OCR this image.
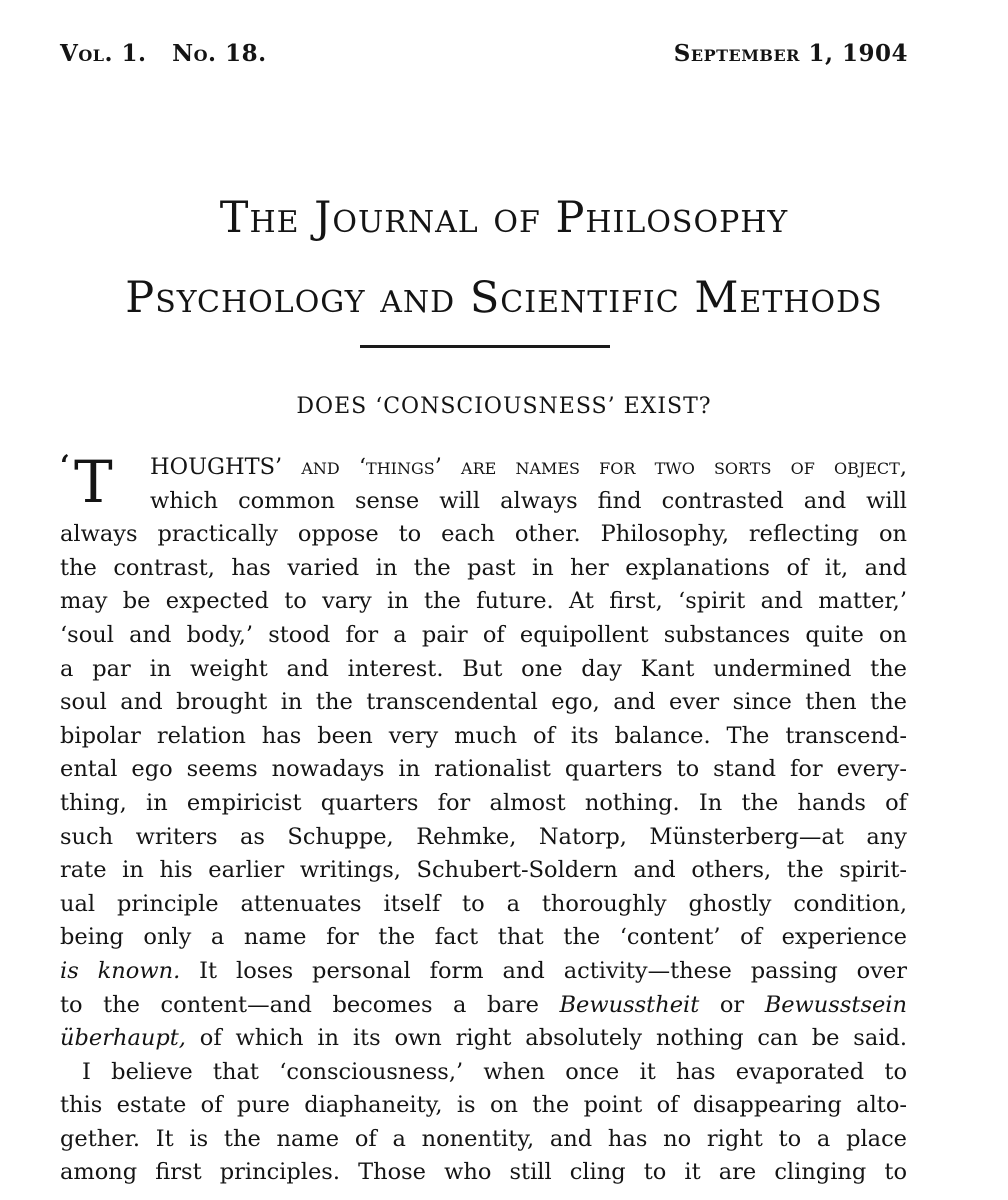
Vol. 1. No. 18.	September 1, 1904
The Journal of Philosophy
Psychology and Scientific Methods
DOES ‘CONSCIOUSNESS’ EXIST?
‘ T	HOUGHTS’ and ‘things’ are names for two sorts of object,
which common sense will always find contrasted and will
always practically oppose to each other. Philosophy, reflecting on
the contrast, has varied in the past in her explanations of it, and
may be expected to vary in the future. At first, ‘spirit and matter,’
‘soul and body,’ stood for a pair of equipollent substances quite on
a par in weight and interest. But one day Kant undermined the
soul and brought in the transcendental ego, and ever since then the
bipolar relation has been very much of its balance. The transcend-
ental ego seems nowadays in rationalist quarters to stand for every-
thing, in empiricist quarters for almost nothing. In the hands of
such writers as Schuppe, Rehmke, Natorp, Münsterberg—at any
rate in his earlier writings, Schubert-Soldern and others, the spirit-
ual principle attenuates itself to a thoroughly ghostly condition,
being only a name for the fact that the ‘content’ of experience
is known. It loses personal form and activity—these passing over
to the content—and becomes a bare Bewusstheit or Bewusstsein
überhaupt, of which in its own right absolutely nothing can be said.
I believe that ‘consciousness,’ when once it has evaporated to
this estate of pure diaphaneity, is on the point of disappearing alto-
gether. It is the name of a nonentity, and has no right to a place
among first principles. Those who still cling to it are clinging to
